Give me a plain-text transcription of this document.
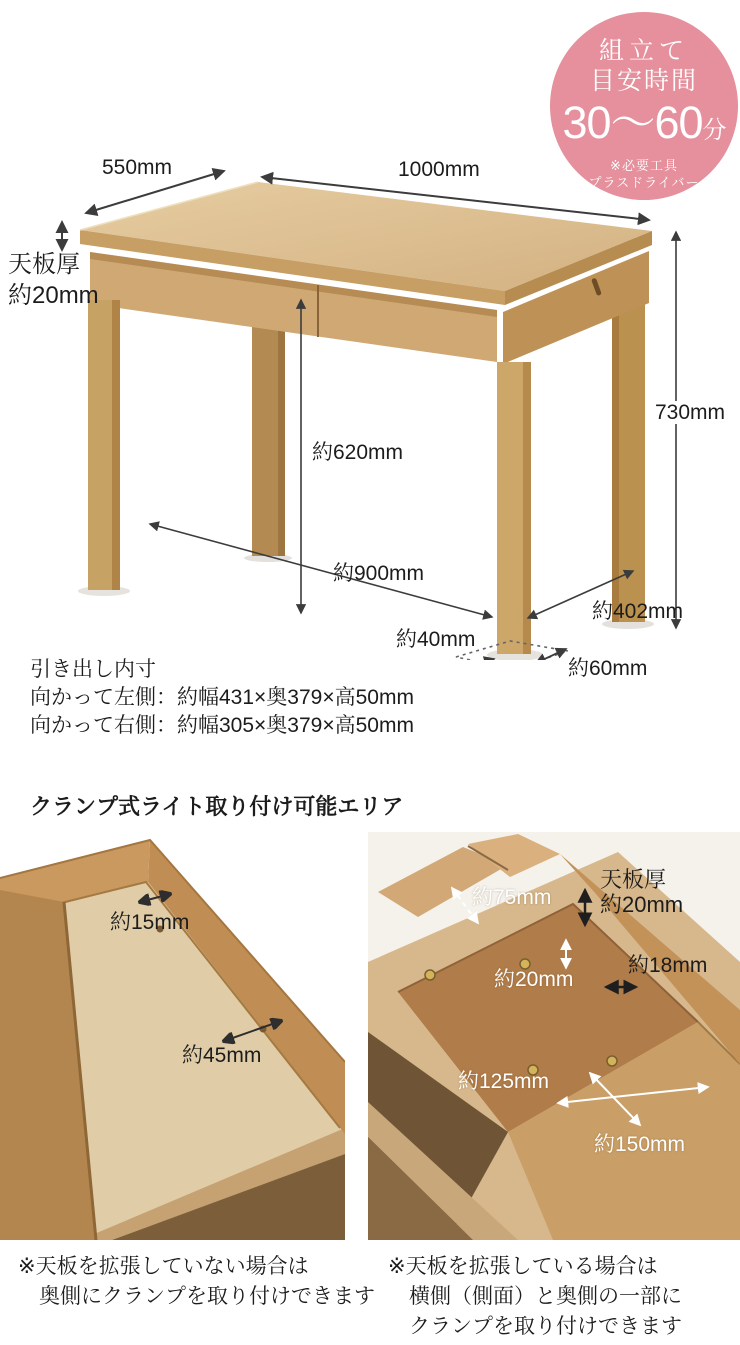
550mm	1000mm
天板厚
約20mm
約620mm
730mm
約900mm
約40mm
約402mm
約60mm
組立て
目安時間
30〜60分
※必要工具
プラスドライバー
引き出し内寸
向かって左側：約幅431×奥379×高50mm
向かって右側：約幅305×奥379×高50mm
クランプ式ライト取り付け可能エリア
約15mm
約45mm
約75mm
天板厚
約20mm
約20mm
約18mm
約125mm
約150mm
※天板を拡張していない場合は
奥側にクランプを取り付けできます
※天板を拡張している場合は
横側（側面）と奥側の一部に
クランプを取り付けできます
